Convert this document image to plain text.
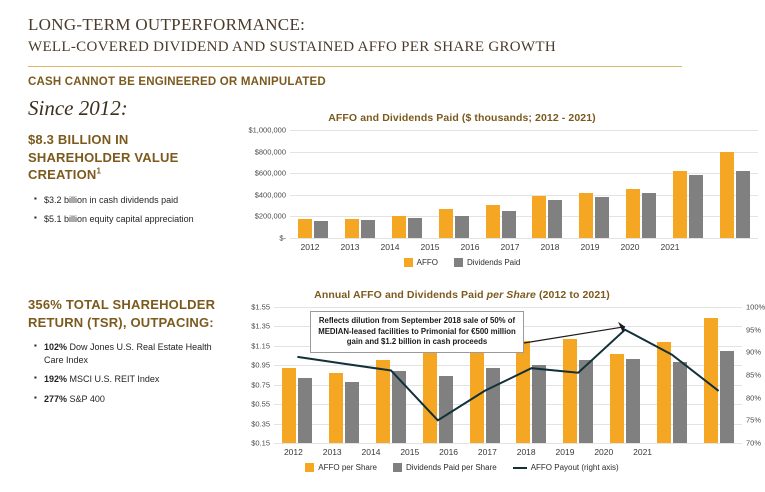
LONG-TERM OUTPERFORMANCE:
WELL-COVERED DIVIDEND AND SUSTAINED AFFO PER SHARE GROWTH
CASH CANNOT BE ENGINEERED OR MANIPULATED
Since 2012:
$8.3 BILLION IN SHAREHOLDER VALUE CREATION$^1$
▪ $3.2 billion in cash dividends paid
▪ $5.1 billion equity capital appreciation
356% TOTAL SHAREHOLDER RETURN (TSR), OUTPACING:
▪ 102% Dow Jones U.S. Real Estate Health Care Index
▪ 192% MSCI U.S. REIT Index
▪ 277% S&P 400
AFFO and Dividends Paid ($ thousands; 2012 - 2021)
$-
$200,000
$400,000
$600,000
$800,000
$1,000,000
2012	2013	2014	2015	2016	2017	2018	2019	2020	2021
AFFO	Dividends Paid
Annual AFFO and Dividends Paid per Share (2012 to 2021)
Reflects dilution from September 2018 sale of 50% of MEDIAN-leased facilities to Primonial for €500 million gain and $1.2 billion in cash proceeds
$0.15
$0.35
$0.55
$0.75
$0.95
$1.15
$1.35
$1.55
70%
75%
80%
85%
90%
95%
100%
2012	2013	2014	2015	2016	2017	2018	2019	2020	2021
AFFO per Share	Dividends Paid per Share	AFFO Payout (right axis)
